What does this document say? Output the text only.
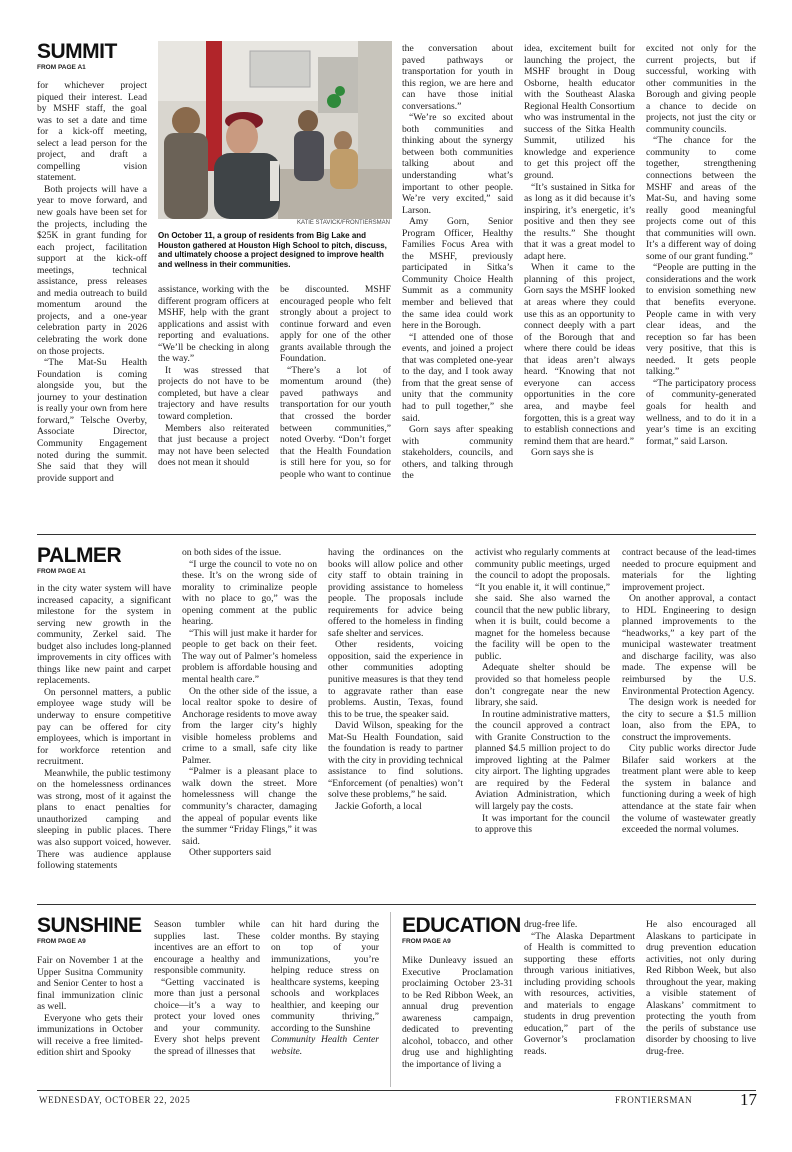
SUMMIT
FROM PAGE A1

for whichever project piqued their interest. Lead by MSHF staff, the goal was to set a date and time for a kick-off meeting, select a lead person for the project, and draft a compelling vision statement.

Both projects will have a year to move forward, and new goals have been set for the projects, including the $25K in grant funding for each project, facilitation support at the kick-off meetings, technical assistance, press releases and media outreach to build momentum around the projects, and a one-year celebration party in 2026 celebrating the work done on those projects.

“The Mat-Su Health Foundation is coming alongside you, but the journey to your destination is really your own from here forward,” Telsche Overby, Associate Director, Community Engagement noted during the summit. She said that they will provide support and

KATIE STAVICK/FRONTIERSMAN
On October 11, a group of residents from Big Lake and Houston gathered at Houston High School to pitch, discuss, and ultimately choose a project designed to improve health and wellness in their communities.

assistance, working with the different program officers at MSHF, help with the grant applications and assist with reporting and evaluations. “We’ll be checking in along the way.”

It was stressed that projects do not have to be completed, but have a clear trajectory and have results toward completion.

Members also reiterated that just because a project may not have been selected does not mean it should

be discounted. MSHF encouraged people who felt strongly about a project to continue forward and even apply for one of the other grants available through the Foundation.

“There’s a lot of momentum around (the) paved pathways and transportation for our youth that crossed the border between communities,” noted Overby. “Don’t forget that the Health Foundation is still here for you, so for people who want to continue

the conversation about paved pathways or transportation for youth in this region, we are here and can have those initial conversations.”

“We’re so excited about both communities and thinking about the synergy between both communities talking about and understanding what’s important to other people. We’re very excited,” said Larson.

Amy Gorn, Senior Program Officer, Healthy Families Focus Area with the MSHF, previously participated in Sitka’s Community Choice Health Summit as a community member and believed that the same idea could work here in the Borough.

“I attended one of those events, and joined a project that was completed one-year to the day, and I took away from that the great sense of unity that the community had to pull together,” she said.

Gorn says after speaking with community stakeholders, councils, and others, and talking through the

idea, excitement built for launching the project, the MSHF brought in Doug Osborne, health educator with the Southeast Alaska Regional Health Consortium who was instrumental in the success of the Sitka Health Summit, utilized his knowledge and experience to get this project off the ground.

“It’s sustained in Sitka for as long as it did because it’s inspiring, it’s energetic, it’s positive and then they see the results.” She thought that it was a great model to adapt here.

When it came to the planning of this project, Gorn says the MSHF looked at areas where they could use this as an opportunity to connect deeply with a part of the Borough that and where there could be ideas that ideas aren’t always heard. “Knowing that not everyone can access opportunities in the core area, and maybe feel forgotten, this is a great way to establish connections and remind them that are heard.”

Gorn says she is

excited not only for the current projects, but if successful, working with other communities in the Borough and giving people a chance to decide on projects, not just the city or community councils.

“The chance for the community to come together, strengthening connections between the MSHF and areas of the Mat-Su, and having some really good meaningful projects come out of this that communities will own. It’s a different way of doing some of our grant funding.”

“People are putting in the considerations and the work to envision something new that benefits everyone. People came in with very clear ideas, and the reception so far has been very positive, that this is needed. It gets people talking.”

“The participatory process of community-generated goals for health and wellness, and to do it in a year’s time is an exciting format,” said Larson.

PALMER
FROM PAGE A1

in the city water system will have increased capacity, a significant milestone for the system in serving new growth in the community, Zerkel said. The budget also includes long-planned improvements in city offices with things like new paint and carpet replacements.

On personnel matters, a public employee wage study will be underway to ensure competitive pay can be offered for city employees, which is important in for workforce retention and recruitment.

Meanwhile, the public testimony on the homelessness ordinances was strong, most of it against the plans to enact penalties for unauthorized camping and sleeping in public places. There was also support voiced, however. There was audience applause following statements

on both sides of the issue.

“I urge the council to vote no on these. It’s on the wrong side of morality to criminalize people with no place to go,” was the opening comment at the public hearing.

“This will just make it harder for people to get back on their feet. The way out of Palmer’s homeless problem is affordable housing and mental health care.”

On the other side of the issue, a local realtor spoke to desire of Anchorage residents to move away from the larger city’s highly visible homeless problems and crime to a small, safe city like Palmer.

“Palmer is a pleasant place to walk down the street. More homelessness will change the community’s character, damaging the appeal of popular events like the summer “Friday Flings,” it was said.

Other supporters said

having the ordinances on the books will allow police and other city staff to obtain training in providing assistance to homeless people. The proposals include requirements for advice being offered to the homeless in finding safe shelter and services.

Other residents, voicing opposition, said the experience in other communities adopting punitive measures is that they tend to aggravate rather than ease problems. Austin, Texas, found this to be true, the speaker said.

David Wilson, speaking for the Mat-Su Health Foundation, said the foundation is ready to partner with the city in providing technical assistance to find solutions. “Enforcement (of penalties) won’t solve these problems,” he said.

Jackie Goforth, a local

activist who regularly comments at community public meetings, urged the council to adopt the proposals. “It you enable it, it will continue,” she said. She also warned the council that the new public library, when it is built, could become a magnet for the homeless because the facility will be open to the public.

Adequate shelter should be provided so that homeless people don’t congregate near the new library, she said.

In routine administrative matters, the council approved a contract with Granite Construction to the planned $4.5 million project to do improved lighting at the Palmer city airport. The lighting upgrades are required by the Federal Aviation Administration, which will largely pay the costs.

It was important for the council to approve this

contract because of the lead-times needed to procure equipment and materials for the lighting improvement project.

On another approval, a contact to HDL Engineering to design planned improvements to the “headworks,” a key part of the municipal wastewater treatment and discharge facility, was also made. The expense will be reimbursed by the U.S. Environmental Protection Agency.

The design work is needed for the city to secure a $1.5 million loan, also from the EPA, to construct the improvements.

City public works director Jude Bilafer said workers at the treatment plant were able to keep the system in balance and functioning during a week of high attendance at the state fair when the volume of wastewater greatly exceeded the normal volumes.

SUNSHINE
FROM PAGE A9

Fair on November 1 at the Upper Susitna Community and Senior Center to host a final immunization clinic as well.

Everyone who gets their immunizations in October will receive a free limited-edition shirt and Spooky

Season tumbler while supplies last. These incentives are an effort to encourage a healthy and responsible community.

“Getting vaccinated is more than just a personal choice—it’s a way to protect your loved ones and your community. Every shot helps prevent the spread of illnesses that

can hit hard during the colder months. By staying on top of your immunizations, you’re helping reduce stress on healthcare systems, keeping schools and workplaces healthier, and keeping our community thriving,” according to the Sunshine

Community Health Center website.

EDUCATION
FROM PAGE A9

Mike Dunleavy issued an Executive Proclamation proclaiming October 23-31 to be Red Ribbon Week, an annual drug prevention awareness campaign, dedicated to preventing alcohol, tobacco, and other drug use and highlighting the importance of living a

drug-free life.

“The Alaska Department of Health is committed to supporting these efforts through various initiatives, including providing schools with resources, activities, and materials to engage students in drug prevention education,” part of the Governor’s proclamation reads.

He also encouraged all Alaskans to participate in drug prevention education activities, not only during Red Ribbon Week, but also throughout the year, making a visible statement of Alaskans’ commitment to protecting the youth from the perils of substance use disorder by choosing to live drug-free.

WEDNESDAY, OCTOBER 22, 2025	FRONTIERSMAN	17
